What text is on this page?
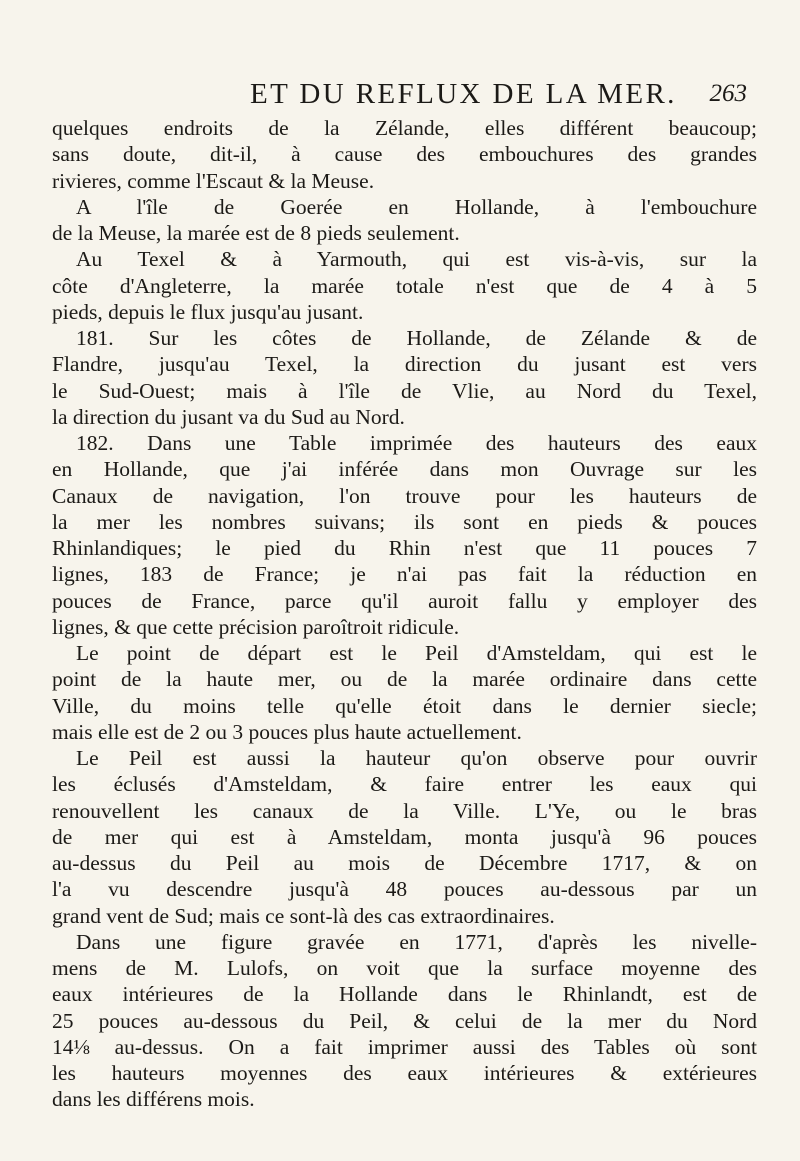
ET DU REFLUX DE LA MER. 263
quelques endroits de la Zélande, elles différent beaucoup;
sans doute, dit-il, à cause des embouchures des grandes
rivieres, comme l'Escaut & la Meuse.
A l'île de Goerée en Hollande, à l'embouchure
de la Meuse, la marée est de 8 pieds seulement.
Au Texel & à Yarmouth, qui est vis-à-vis, sur la
côte d'Angleterre, la marée totale n'est que de 4 à 5
pieds, depuis le flux jusqu'au jusant.
181. Sur les côtes de Hollande, de Zélande & de
Flandre, jusqu'au Texel, la direction du jusant est vers
le Sud-Ouest; mais à l'île de Vlie, au Nord du Texel,
la direction du jusant va du Sud au Nord.
182. Dans une Table imprimée des hauteurs des eaux
en Hollande, que j'ai inférée dans mon Ouvrage sur les
Canaux de navigation, l'on trouve pour les hauteurs de
la mer les nombres suivans; ils sont en pieds & pouces
Rhinlandiques; le pied du Rhin n'est que 11 pouces 7
lignes, 183 de France; je n'ai pas fait la réduction en
pouces de France, parce qu'il auroit fallu y employer des
lignes, & que cette précision paroîtroit ridicule.
Le point de départ est le Peil d'Amsteldam, qui est le
point de la haute mer, ou de la marée ordinaire dans cette
Ville, du moins telle qu'elle étoit dans le dernier siecle;
mais elle est de 2 ou 3 pouces plus haute actuellement.
Le Peil est aussi la hauteur qu'on observe pour ouvrir
les éclusés d'Amsteldam, & faire entrer les eaux qui
renouvellent les canaux de la Ville. L'Ye, ou le bras
de mer qui est à Amsteldam, monta jusqu'à 96 pouces
au-dessus du Peil au mois de Décembre 1717, & on
l'a vu descendre jusqu'à 48 pouces au-dessous par un
grand vent de Sud; mais ce sont-là des cas extraordinaires.
Dans une figure gravée en 1771, d'après les nivelle-
mens de M. Lulofs, on voit que la surface moyenne des
eaux intérieures de la Hollande dans le Rhinlandt, est de
25 pouces au-dessous du Peil, & celui de la mer du Nord
14⅛ au-dessus. On a fait imprimer aussi des Tables où sont
les hauteurs moyennes des eaux intérieures & extérieures
dans les différens mois.
